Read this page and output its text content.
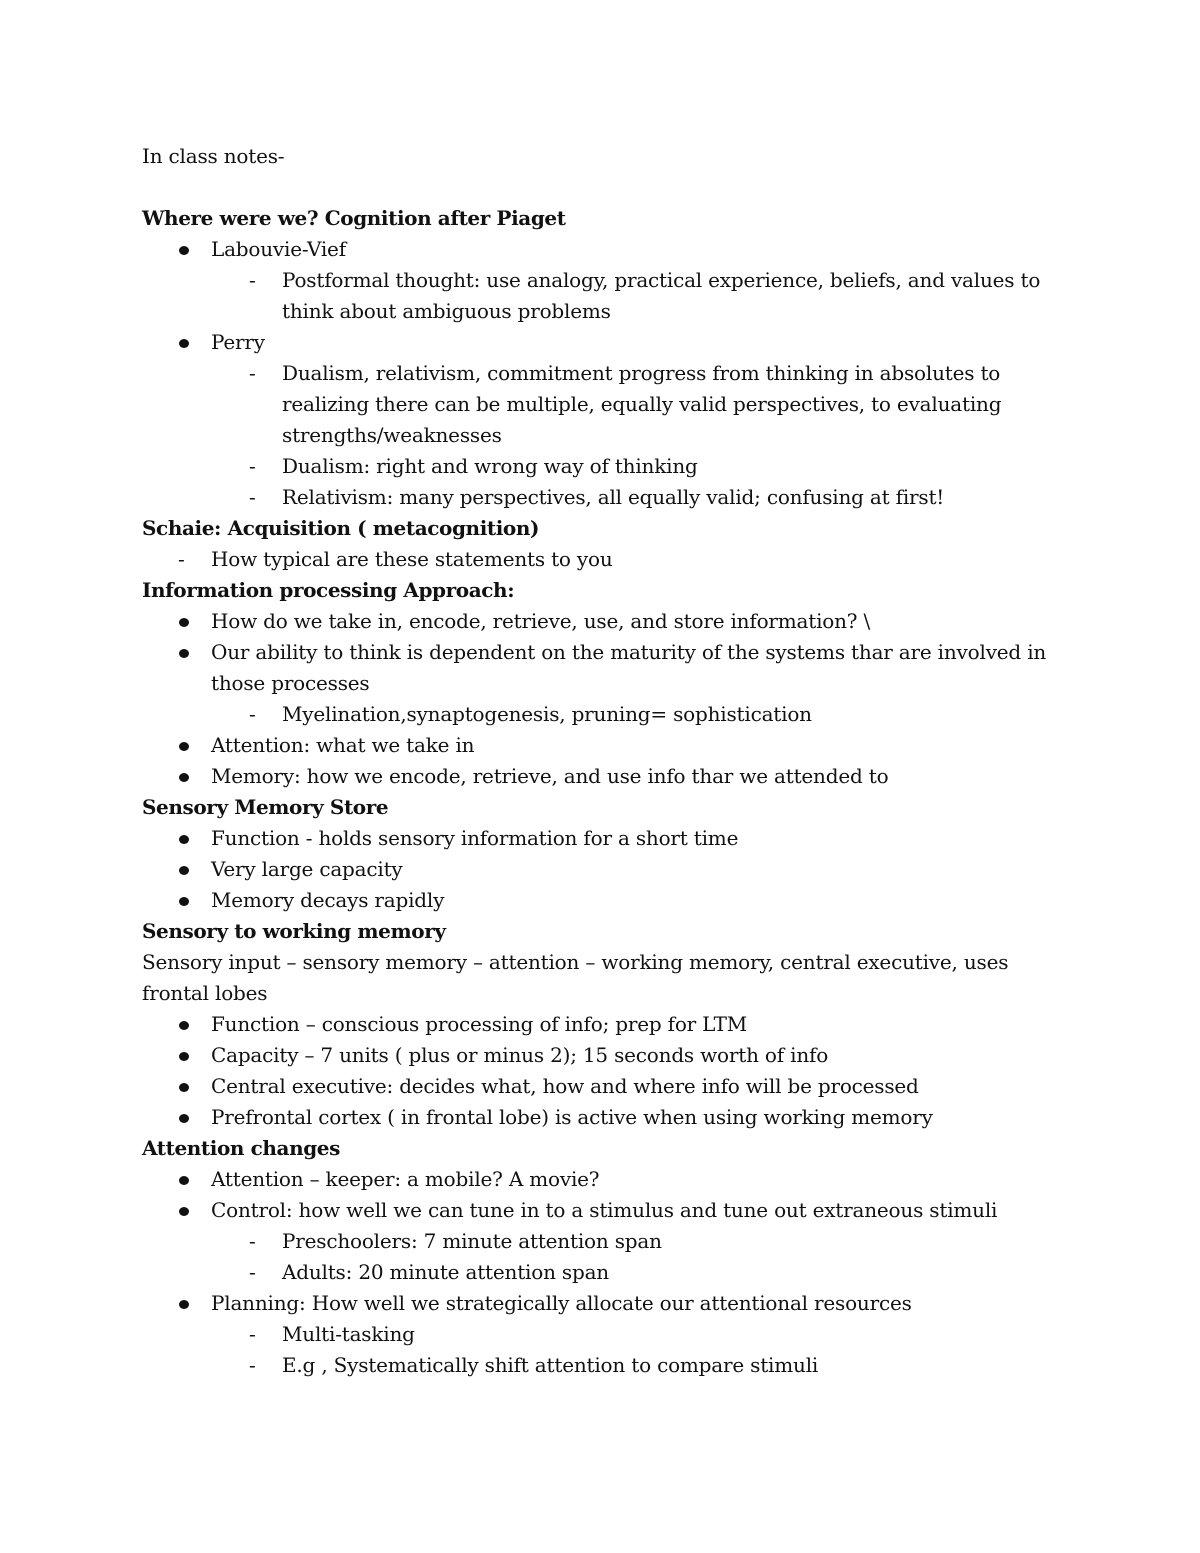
In class notes-

Where were we? Cognition after Piaget

Labouvie-Vief

- Postformal thought: use analogy, practical experience, beliefs, and values to think about ambiguous problems

Perry

- Dualism, relativism, commitment progress from thinking in absolutes to realizing there can be multiple, equally valid perspectives, to evaluating strengths/weaknesses

- Dualism: right and wrong way of thinking

- Relativism: many perspectives, all equally valid; confusing at first!

Schaie: Acquisition ( metacognition)

- How typical are these statements to you

Information processing Approach:

How do we take in, encode, retrieve, use, and store information? \

Our ability to think is dependent on the maturity of the systems thar are involved in those processes

- Myelination,synaptogenesis, pruning= sophistication

Attention: what we take in

Memory: how we encode, retrieve, and use info thar we attended to

Sensory Memory Store

Function - holds sensory information for a short time

Very large capacity

Memory decays rapidly

Sensory to working memory

Sensory input – sensory memory – attention – working memory, central executive, uses frontal lobes

Function – conscious processing of info; prep for LTM

Capacity – 7 units ( plus or minus 2); 15 seconds worth of info

Central executive: decides what, how and where info will be processed

Prefrontal cortex ( in frontal lobe) is active when using working memory

Attention changes

Attention – keeper: a mobile? A movie?

Control: how well we can tune in to a stimulus and tune out extraneous stimuli

- Preschoolers: 7 minute attention span

- Adults: 20 minute attention span

Planning: How well we strategically allocate our attentional resources

- Multi-tasking

- E.g , Systematically shift attention to compare stimuli
